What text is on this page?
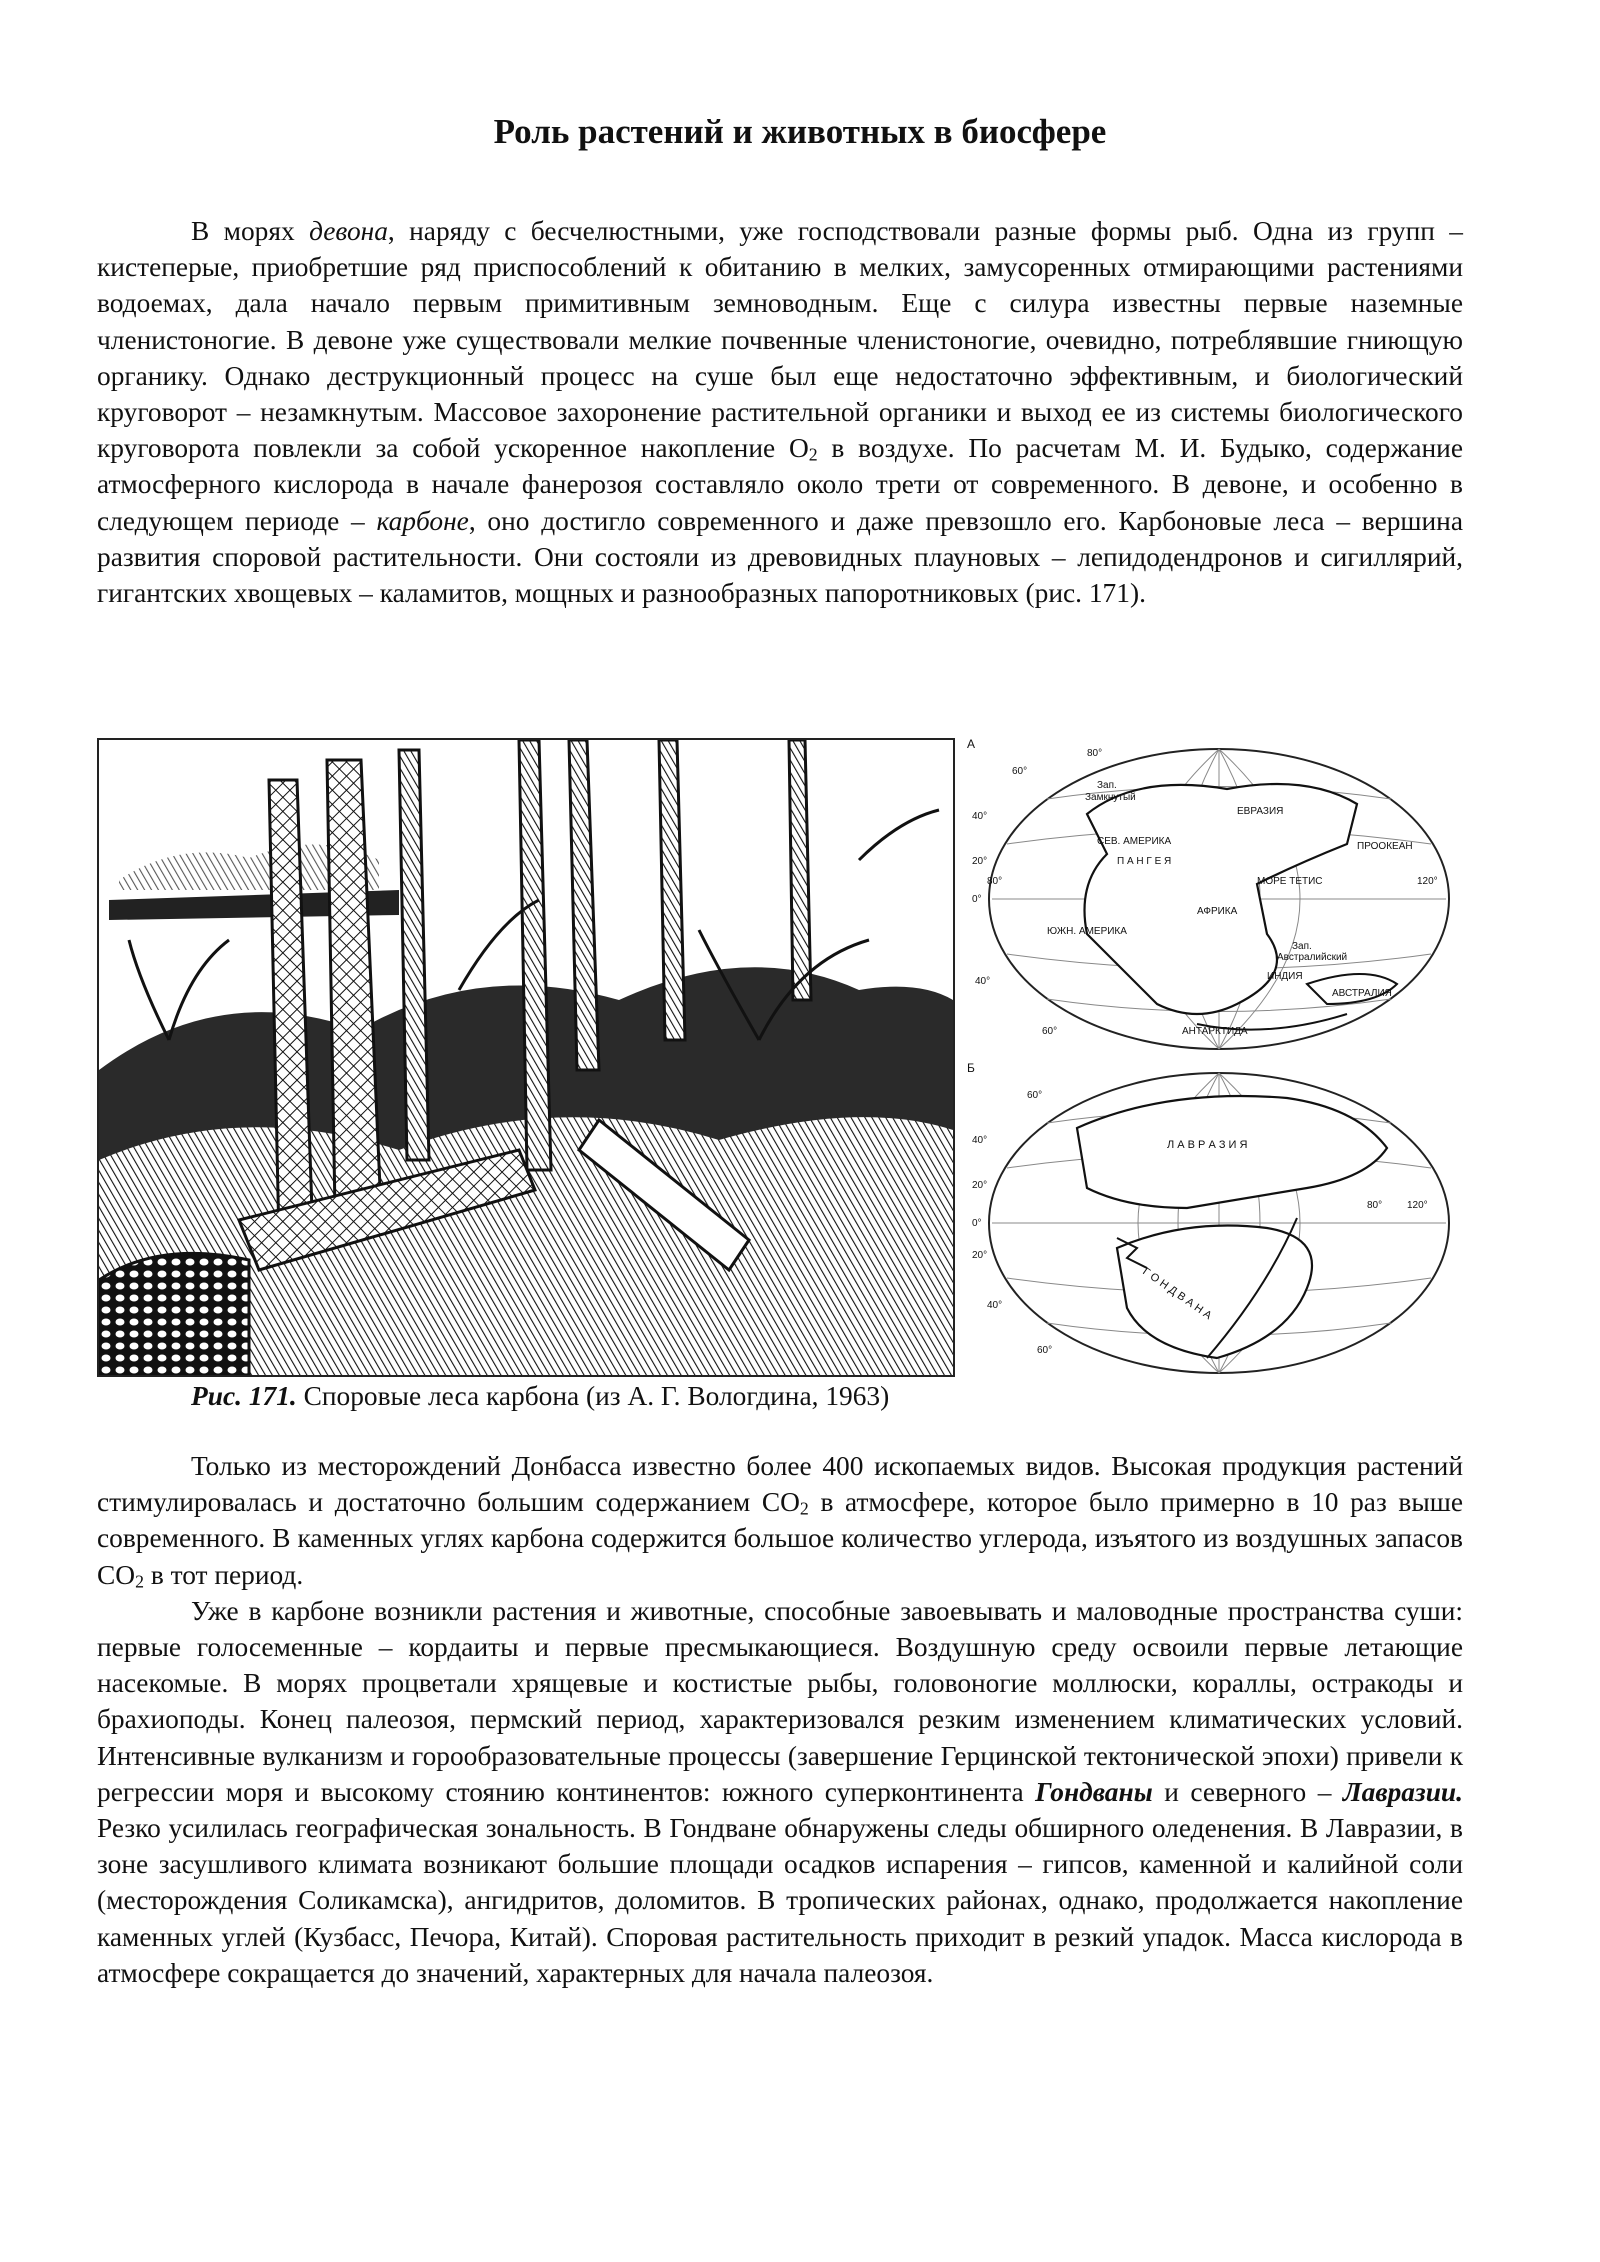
Роль растений и животных в биосфере

В морях девона, наряду с бесчелюстными, уже господствовали разные формы рыб. Одна из групп – кистеперые, приобретшие ряд приспособлений к обитанию в мелких, замусоренных отмирающими растениями водоемах, дала начало первым примитивным земноводным. Еще с силура известны первые наземные членистоногие. В девоне уже существовали мелкие почвенные членистоногие, очевидно, потреблявшие гниющую органику. Однако деструкционный процесс на суше был еще недостаточно эффективным, и биологический круговорот – незамкнутым. Массовое захоронение растительной органики и выход ее из системы биологического круговорота повлекли за собой ускоренное накопление $O_2$ в воздухе. По расчетам М. И. Будыко, содержание атмосферного кислорода в начале фанерозоя составляло около трети от современного. В девоне, и особенно в следующем периоде – карбоне, оно достигло современного и даже превзошло его. Карбоновые леса – вершина развития споровой растительности. Они состояли из древовидных плауновых – лепидодендронов и сигиллярий, гигантских хвощевых – каламитов, мощных и разнообразных папоротниковых (рис. 171).

А
Зап.
Замкнутый
ЕВРАЗИЯ
СЕВ. АМЕРИКА
П А Н Г Е Я
ПРООКЕАН
МОРЕ ТЕТИС
АФРИКА
ЮЖН. АМЕРИКА
Зап.
Австралийский
ИНДИЯ
АВСТРАЛИЯ
АНТАРКТИДА
80°
60°
40°
20°
0°
80°	120°
40°
60°
Б
Л А В Р А З И Я
Г О Н Д В А Н А
60°
40°
20°
0°
20°
40°
60°
80° 120°

Рис. 171. Споровые леса карбона (из А. Г. Вологдина, 1963)

Только из месторождений Донбасса известно более 400 ископаемых видов. Высокая продукция растений стимулировалась и достаточно большим содержанием $CO_2$ в атмосфере, которое было примерно в 10 раз выше современного. В каменных углях карбона содержится большое количество углерода, изъятого из воздушных запасов $CO_2$ в тот период.

Уже в карбоне возникли растения и животные, способные завоевывать и маловодные пространства суши: первые голосеменные – кордаиты и первые пресмыкающиеся. Воздушную среду освоили первые летающие насекомые. В морях процветали хрящевые и костистые рыбы, головоногие моллюски, кораллы, остракоды и брахиоподы. Конец палеозоя, пермский период, характеризовался резким изменением климатических условий. Интенсивные вулканизм и горообразовательные процессы (завершение Герцинской тектонической эпохи) привели к регрессии моря и высокому стоянию континентов: южного суперконтинента Гондваны и северного – Лавразии. Резко усилилась географическая зональность. В Гондване обнаружены следы обширного оледенения. В Лавразии, в зоне засушливого климата возникают большие площади осадков испарения – гипсов, каменной и калийной соли (месторождения Соликамска), ангидритов, доломитов. В тропических районах, однако, продолжается накопление каменных углей (Кузбасс, Печора, Китай). Споровая растительность приходит в резкий упадок. Масса кислорода в атмосфере сокращается до значений, характерных для начала палеозоя.
